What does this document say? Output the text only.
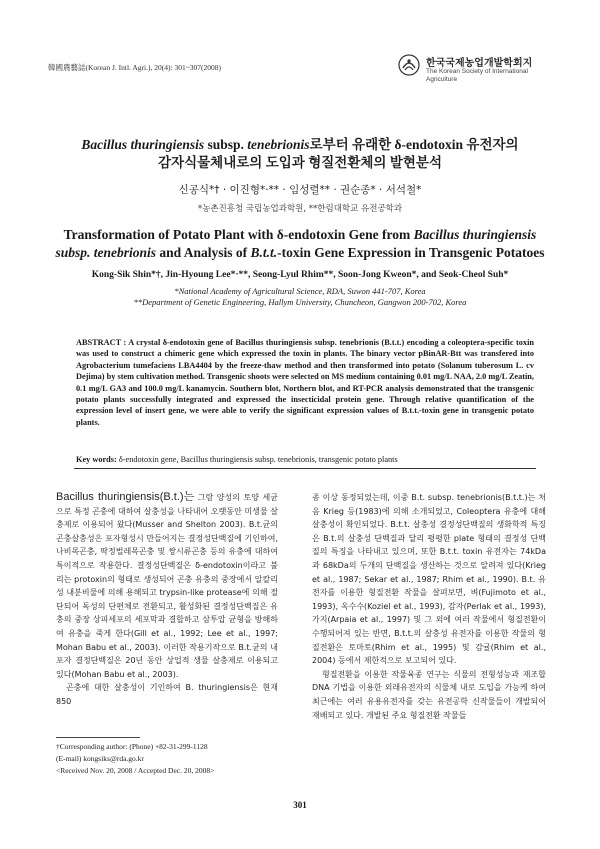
韓國農藝誌(Korean J. Intl. Agri.), 20(4): 301~307(2008)	한국국제농업개발학회지
The Korean Society of International
Agriculture
Bacillus thuringiensis subsp. tenebrionis로부터 유래한 δ-endotoxin 유전자의
감자식물체내로의 도입과 형질전환체의 발현분석
신공식*† · 이진형*·** · 임성렬** · 권순종* · 서석철*
*농촌진흥청 국립농업과학원, **한림대학교 유전공학과
Transformation of Potato Plant with δ-endotoxin Gene from Bacillus thuringiensis
subsp. tenebrionis and Analysis of B.t.t.-toxin Gene Expression in Transgenic Potatoes
Kong-Sik Shin*†, Jin-Hyoung Lee*·**, Seong-Lyul Rhim**, Soon-Jong Kweon*, and Seok-Cheol Suh*
*National Academy of Agricultural Science, RDA, Suwon 441-707, Korea
**Department of Genetic Engineering, Hallym University, Chuncheon, Gangwon 200-702, Korea

ABSTRACT : A crystal δ-endotoxin gene of Bacillus thuringiensis subsp. tenebrionis (B.t.t.) encoding a coleoptera-specific toxin was used to construct a chimeric gene which expressed the toxin in plants. The binary vector pBinAR-Btt was transfered into Agrobacterium tumefaciens LBA4404 by the freeze-thaw method and then transformed into potato (Solanum tuberosum L. cv Dejima) by stem cultivation method. Transgenic shoots were selected on MS medium containing 0.01 mg/L NAA, 2.0 mg/L Zeatin, 0.1 mg/L GA3 and 100.0 mg/L kanamycin. Southern blot, Northern blot, and RT-PCR analysis demonstrated that the transgenic potato plants successfully integrated and expressed the insecticidal protein gene. Through relative quantification of the expression level of insert gene, we were able to verify the significant expression values of B.t.t.-toxin gene in transgenic potato plants.

Key words: δ-endotoxin gene, Bacillus thuringiensis subsp. tenebrionis, transgenic potato plants

Bacillus thuringiensis(B.t.)는 그람 양성의 토양 세균으로 특정 곤충에 대하여 살충성을 나타내어 오랫동안 미생물 살충제로 이용되어 왔다(Musser and Shelton 2003). B.t.균의 곤충살충성은 포자형성시 만들어지는 결정성단백질에 기인하여, 나비목곤충, 딱정벌레목곤충 및 쌍시류곤충 등의 유충에 대하여 특이적으로 작용한다. 결정성단백질은 δ-endotoxin이라고 불리는 protoxin의 형태로 생성되어 곤충 유충의 중장에서 알칼리성 내분비물에 의해 용해되고 trypsin-like protease에 의해 절단되어 독성의 단편체로 전환되고, 활성화된 결정성단백질은 유충의 중장 상피세포의 세포막과 결합하고 삼투압 균형을 방해하여 유충을 죽게 한다(Gill et al., 1992; Lee et al., 1997; Mohan Babu et al., 2003). 이러한 작용기작으로 B.t.균의 내포자 결정단백질은 20년 동안 상업적 생물 살충제로 이용되고 있다(Mohan Babu et al., 2003).

곤충에 대한 살충성이 기인하여 B. thuringiensis은 현재 850

종 이상 동정되었는데, 이중 B.t. subsp. tenebrionis(B.t.t.)는 처음 Krieg 등(1983)에 의해 소개되었고, Coleoptera 유충에 대해 살충성이 확인되었다. B.t.t. 살충성 결정성단백질의 생화학적 특징은 B.t.의 살충성 단백질과 달리 평평한 plate 형태의 결정성 단백질의 특징을 나타내고 있으며, 또한 B.t.t. toxin 유전자는 74kDa과 68kDa의 두개의 단백질을 생산하는 것으로 알려져 있다(Krieg et al., 1987; Sekar et al., 1987; Rhim et al., 1990). B.t. 유전자를 이용한 형질전환 작물을 살펴보면, 벼(Fujimoto et al., 1993), 옥수수(Koziel et al., 1993), 감자(Perlak et al., 1993), 가지(Arpaia et al., 1997) 및 그 외에 여러 작물에서 형질전환이 수행되어져 있는 반면, B.t.t.의 살충성 유전자를 이용한 작물의 형질전환은 토마토(Rhim et al., 1995) 및 감귤(Rhim et al., 2004) 등에서 제한적으로 보고되어 있다.

형질전환을 이용한 작물육종 연구는 식물의 전형성능과 재조합 DNA 기법을 이용한 외래유전자의 식물체 내로 도입을 가능케 하여 최근에는 여러 유용유전자를 갖는 유전공학 신작물들이 개발되어 재배되고 있다. 개발된 주요 형질전환 작물들

†Corresponding author: (Phone) +82-31-299-1128
(E-mail) kongsiks@rda.go.kr
<Received Nov. 20, 2008 / Accepted Dec. 20, 2008>
301
